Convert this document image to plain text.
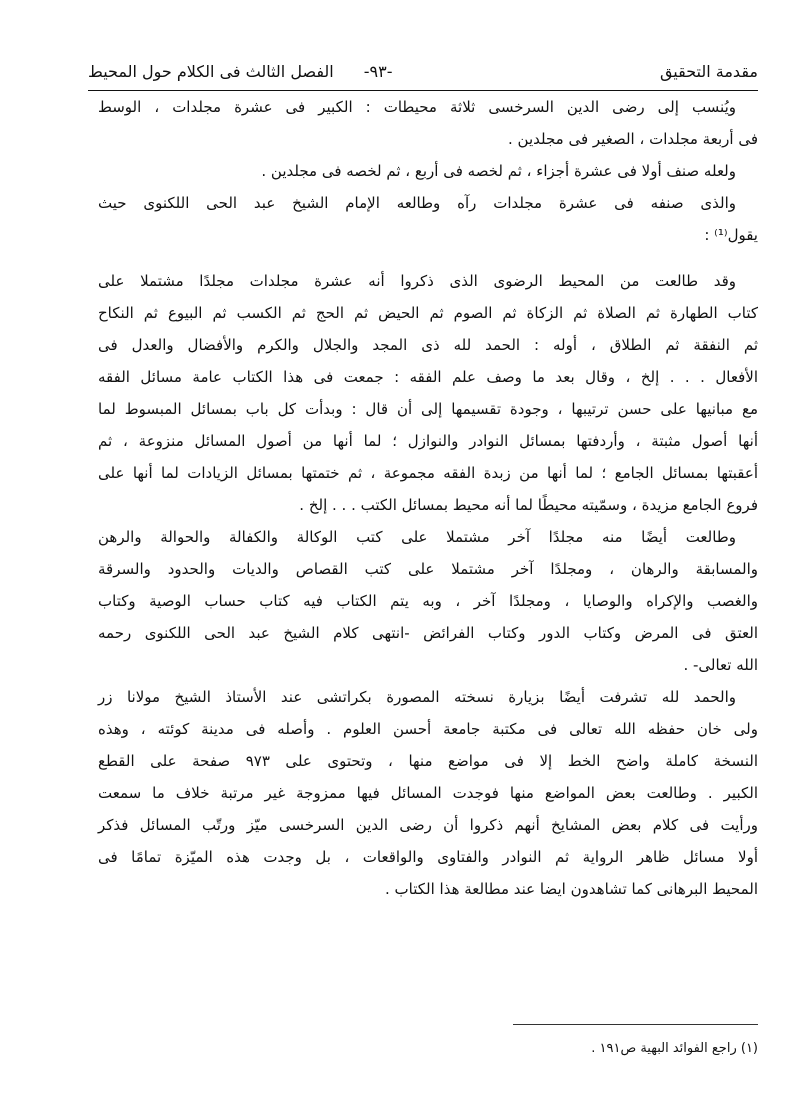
مقدمة التحقيق
-٩٣-
الفصل الثالث فى الكلام حول المحيط
ويُنسب إلى رضى الدين السرخسى ثلاثة محيطات : الكبير فى عشرة مجلدات ، الوسط
فى أربعة مجلدات ، الصغير فى مجلدين .
ولعله صنف أولا فى عشرة أجزاء ، ثم لخصه فى أربع ، ثم لخصه فى مجلدين .
والذى صنفه فى عشرة مجلدات رآه وطالعه الإمام الشيخ عبد الحى اللكنوى حيث
يقول⁽¹⁾ :
وقد طالعت من المحيط الرضوى الذى ذكروا أنه عشرة مجلدات مجلدًا مشتملا على
كتاب الطهارة ثم الصلاة ثم الزكاة ثم الصوم ثم الحيض ثم الحج ثم الكسب ثم البيوع ثم النكاح
ثم النفقة ثم الطلاق ، أوله : الحمد لله ذى المجد والجلال والكرم والأفضال والعدل فى
الأفعال . . . إلخ ، وقال بعد ما وصف علم الفقه : جمعت فى هذا الكتاب عامة مسائل الفقه
مع مبانيها على حسن ترتيبها ، وجودة تقسيمها إلى أن قال : وبدأت كل باب بمسائل المبسوط لما
أنها أصول مثبتة ، وأردفتها بمسائل النوادر والنوازل ؛ لما أنها من أصول المسائل منزوعة ، ثم
أعقبتها بمسائل الجامع ؛ لما أنها من زبدة الفقه مجموعة ، ثم ختمتها بمسائل الزيادات لما أنها على
فروع الجامع مزيدة ، وسمّيته محيطًا لما أنه محيط بمسائل الكتب . . . إلخ .
وطالعت أيضًا منه مجلدًا آخر مشتملا على كتب الوكالة والكفالة والحوالة والرهن
والمسابقة والرهان ، ومجلدًا آخر مشتملا على كتب القصاص والديات والحدود والسرقة
والغصب والإكراه والوصايا ، ومجلدًا آخر ، وبه يتم الكتاب فيه كتاب حساب الوصية وكتاب
العتق فى المرض وكتاب الدور وكتاب الفرائض -انتهى كلام الشيخ عبد الحى اللكنوى رحمه
الله تعالى- .
والحمد لله تشرفت أيضًا بزيارة نسخته المصورة بكراتشى عند الأستاذ الشيخ مولانا زر
ولى خان حفظه الله تعالى فى مكتبة جامعة أحسن العلوم . وأصله فى مدينة كوئته ، وهذه
النسخة كاملة واضح الخط إلا فى مواضع منها ، وتحتوى على ٩٧٣ صفحة على القطع
الكبير . وطالعت بعض المواضع منها فوجدت المسائل فيها ممزوجة غير مرتبة خلاف ما سمعت
ورأيت فى كلام بعض المشايخ أنهم ذكروا أن رضى الدين السرخسى ميّز ورتّب المسائل فذكر
أولا مسائل ظاهر الرواية ثم النوادر والفتاوى والواقعات ، بل وجدت هذه الميّزة تمامًا فى
المحيط البرهانى كما تشاهدون ايضا عند مطالعة هذا الكتاب .
(١) راجع الفوائد البهية ص١٩١ .
